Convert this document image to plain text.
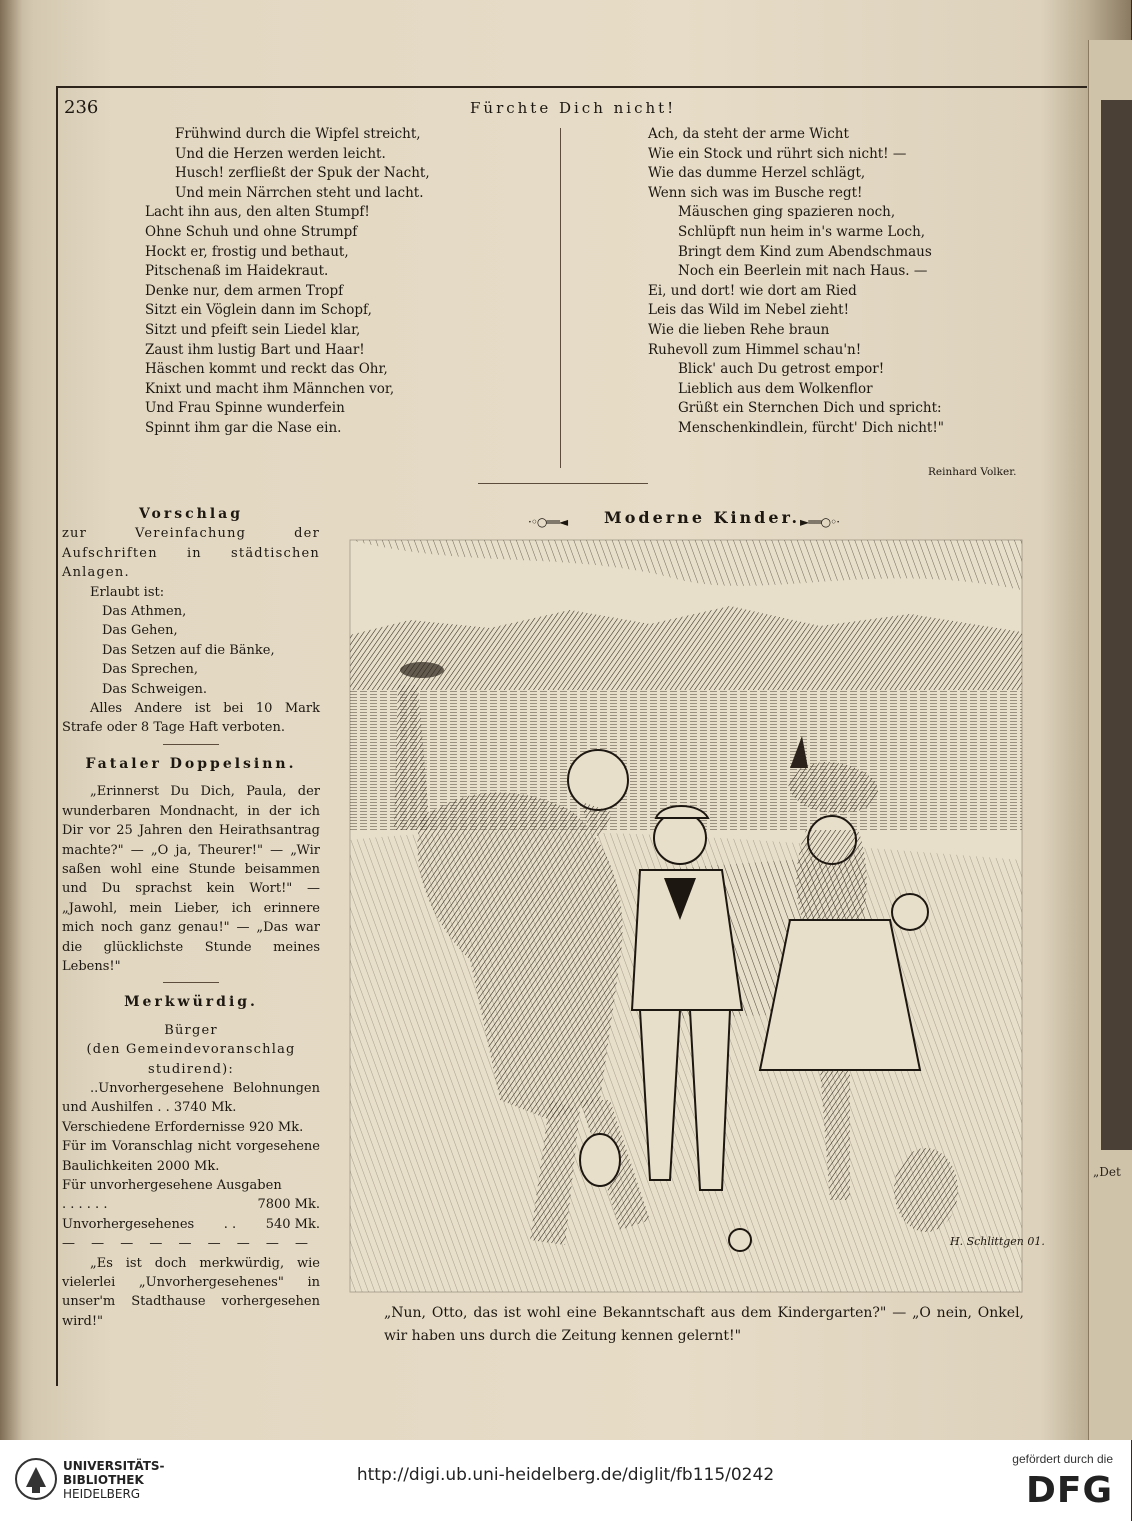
„Det
236	Fürchte Dich nicht!
Frühwind durch die Wipfel streicht,
Und die Herzen werden leicht.
Husch! zerfließt der Spuk der Nacht,
Und mein Närrchen steht und lacht.
Lacht ihn aus, den alten Stumpf!
Ohne Schuh und ohne Strumpf
Hockt er, frostig und bethaut,
Pitschenaß im Haidekraut.
Denke nur, dem armen Tropf
Sitzt ein Vöglein dann im Schopf,
Sitzt und pfeift sein Liedel klar,
Zaust ihm lustig Bart und Haar!
Häschen kommt und reckt das Ohr,
Knixt und macht ihm Männchen vor,
Und Frau Spinne wunderfein
Spinnt ihm gar die Nase ein.
Ach, da steht der arme Wicht
Wie ein Stock und rührt sich nicht! —
Wie das dumme Herzel schlägt,
Wenn sich was im Busche regt!
Mäuschen ging spazieren noch,
Schlüpft nun heim in's warme Loch,
Bringt dem Kind zum Abendschmaus
Noch ein Beerlein mit nach Haus. —
Ei, und dort! wie dort am Ried
Leis das Wild im Nebel zieht!
Wie die lieben Rehe braun
Ruhevoll zum Himmel schau'n!
Blick' auch Du getrost empor!
Lieblich aus dem Wolkenflor
Grüßt ein Sternchen Dich und spricht:
Menschenkindlein, fürcht' Dich nicht!"
Reinhard Volker.
Vorschlag
zur Vereinfachung der Aufschriften in städtischen Anlagen.
Erlaubt ist:
Das Athmen,
Das Gehen,
Das Setzen auf die Bänke,
Das Sprechen,
Das Schweigen.
Alles Andere ist bei 10 Mark Strafe oder 8 Tage Haft verboten.
Fataler Doppelsinn.
„Erinnerst Du Dich, Paula, der wunderbaren Mondnacht, in der ich Dir vor 25 Jahren den Heirathsantrag machte?" — „O ja, Theurer!" — „Wir saßen wohl eine Stunde beisammen und Du sprachst kein Wort!" — „Jawohl, mein Lieber, ich erinnere mich noch ganz genau!" — „Das war die glücklichste Stunde meines Lebens!"
Merkwürdig.
Bürger
(den Gemeindevoranschlag studirend):
..Unvorhergesehene Belohnungen und Aushilfen . . 3740 Mk.
Verschiedene Erfordernisse 920 Mk.
Für im Voranschlag nicht vorgesehene Baulichkeiten 2000 Mk.
Für unvorhergesehene Ausgaben
. . . . . .	7800 Mk.
Unvorhergesehenes . . 540 Mk.
— — — — — — — — —
„Es ist doch merkwürdig, wie vielerlei „Unvorhergesehenes" in unser'm Stadthause vorhergesehen wird!"
·◦○══◄ Moderne Kinder. ►══○◦·
H. Schlittgen 01.
„Nun, Otto, das ist wohl eine Bekanntschaft aus dem Kindergarten?" — „O nein, Onkel, wir haben uns durch die Zeitung kennen gelernt!"
UNIVERSITÄTS-
BIBLIOTHEK
HEIDELBERG
http://digi.ub.uni-heidelberg.de/diglit/fb115/0242
gefördert durch die
DFG
